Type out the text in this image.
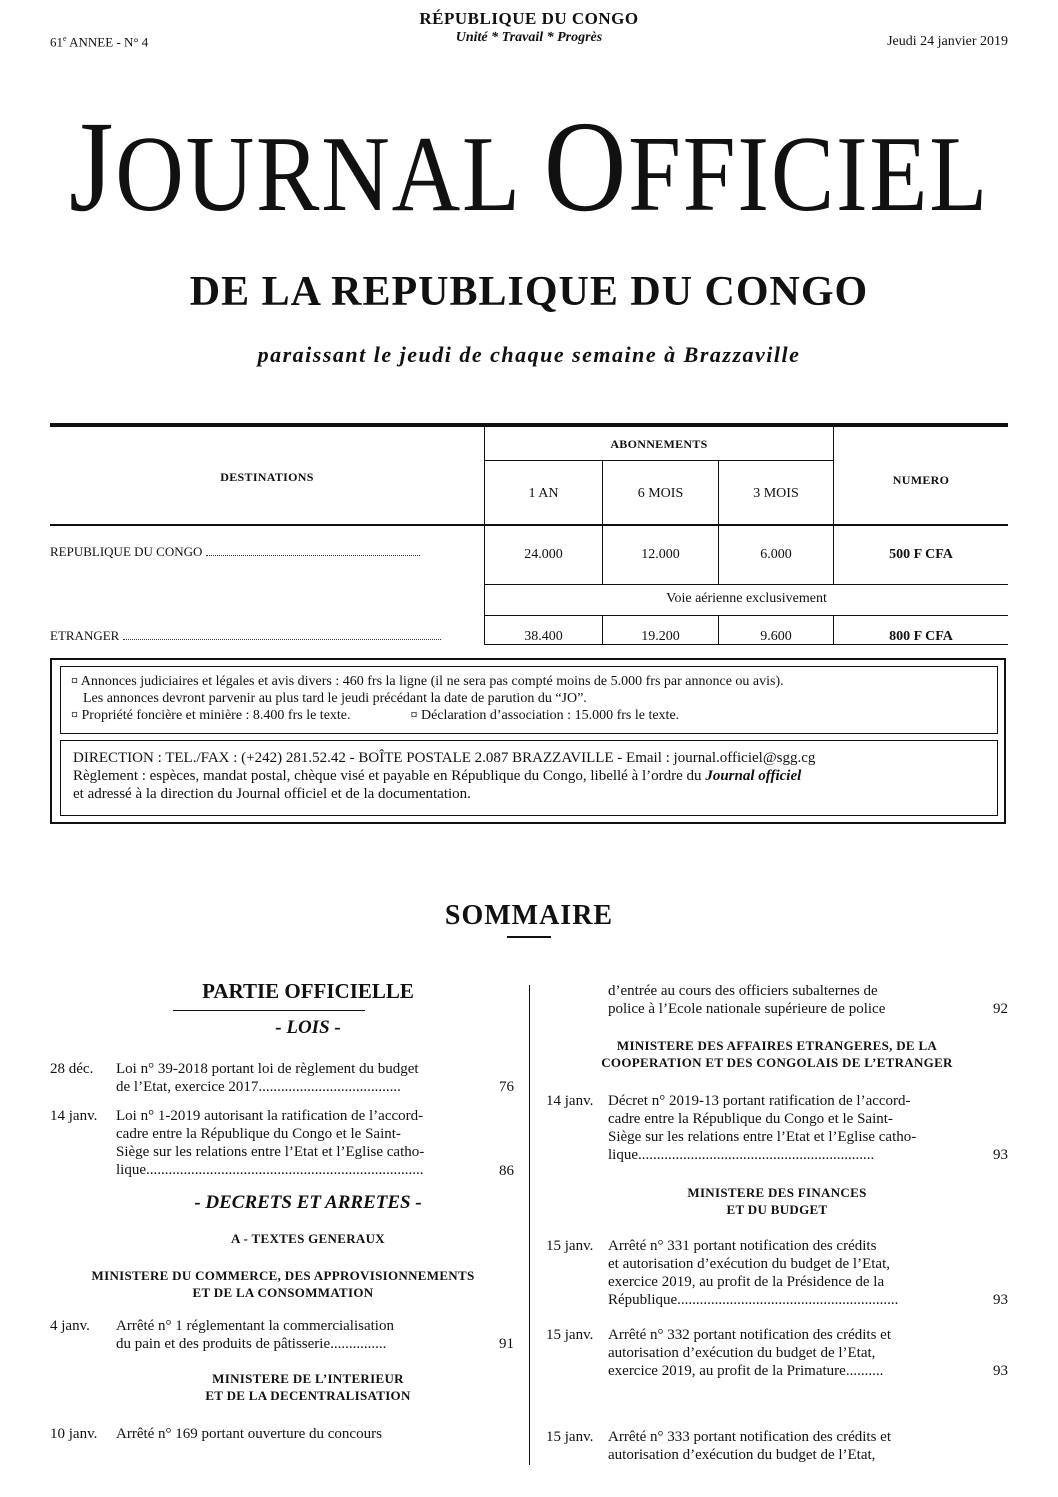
61e ANNEE - N° 4
RÉPUBLIQUE DU CONGO
Unité * Travail * Progrès	Jeudi 24 janvier 2019
JOURNAL OFFICIEL
DE LA REPUBLIQUE DU CONGO
paraissant le jeudi de chaque semaine à Brazzaville
DESTINATIONS
ABONNEMENTS
NUMERO
1 AN	6 MOIS	3 MOIS
REPUBLIQUE DU CONGO	24.000	12.000	6.000	500 F CFA
Voie aérienne exclusivement
ETRANGER	38.400	19.200	9.600	800 F CFA
¤ Annonces judiciaires et légales et avis divers : 460 frs la ligne (il ne sera pas compté moins de 5.000 frs par annonce ou avis).
Les annonces devront parvenir au plus tard le jeudi précédant la date de parution du “JO”.
¤ Propriété foncière et minière : 8.400 frs le texte.	¤ Déclaration d’association : 15.000 frs le texte.
DIRECTION : TEL./FAX : (+242) 281.52.42 - BOÎTE POSTALE 2.087 BRAZZAVILLE - Email : journal.officiel@sgg.cg
Règlement : espèces, mandat postal, chèque visé et payable en République du Congo, libellé à l’ordre du Journal officiel
et adressé à la direction du Journal officiel et de la documentation.
SOMMAIRE
PARTIE OFFICIELLE
- LOIS -
28 déc. Loi n° 39-2018 portant loi de règlement du budget
de l’Etat, exercice 2017......................................	76
14 janv. Loi n° 1-2019 autorisant la ratification de l’accord-
cadre entre la République du Congo et le Saint-
Siège sur les relations entre l’Etat et l’Eglise catho-
lique..........................................................................	86
- DECRETS ET ARRETES -
A - TEXTES GENERAUX
MINISTERE DU COMMERCE, DES APPROVISIONNEMENTS
ET DE LA CONSOMMATION
4 janv. Arrêté n° 1 réglementant la commercialisation
du pain et des produits de pâtisserie...............	91
MINISTERE DE L’INTERIEUR
ET DE LA DECENTRALISATION
10 janv. Arrêté n° 169 portant ouverture du concours
d’entrée au cours des officiers subalternes de
police à l’Ecole nationale supérieure de police	92
MINISTERE DES AFFAIRES ETRANGERES, DE LA
COOPERATION ET DES CONGOLAIS DE L’ETRANGER
14 janv. Décret n° 2019-13 portant ratification de l’accord-
cadre entre la République du Congo et le Saint-
Siège sur les relations entre l’Etat et l’Eglise catho-
lique...............................................................	93
MINISTERE DES FINANCES
ET DU BUDGET
15 janv. Arrêté n° 331 portant notification des crédits
et autorisation d’exécution du budget de l’Etat,
exercice 2019, au profit de la Présidence de la
République...........................................................	93
15 janv. Arrêté n° 332 portant notification des crédits et
autorisation d’exécution du budget de l’Etat,
exercice 2019, au profit de la Primature..........	93
15 janv. Arrêté n° 333 portant notification des crédits et
autorisation d’exécution du budget de l’Etat,
